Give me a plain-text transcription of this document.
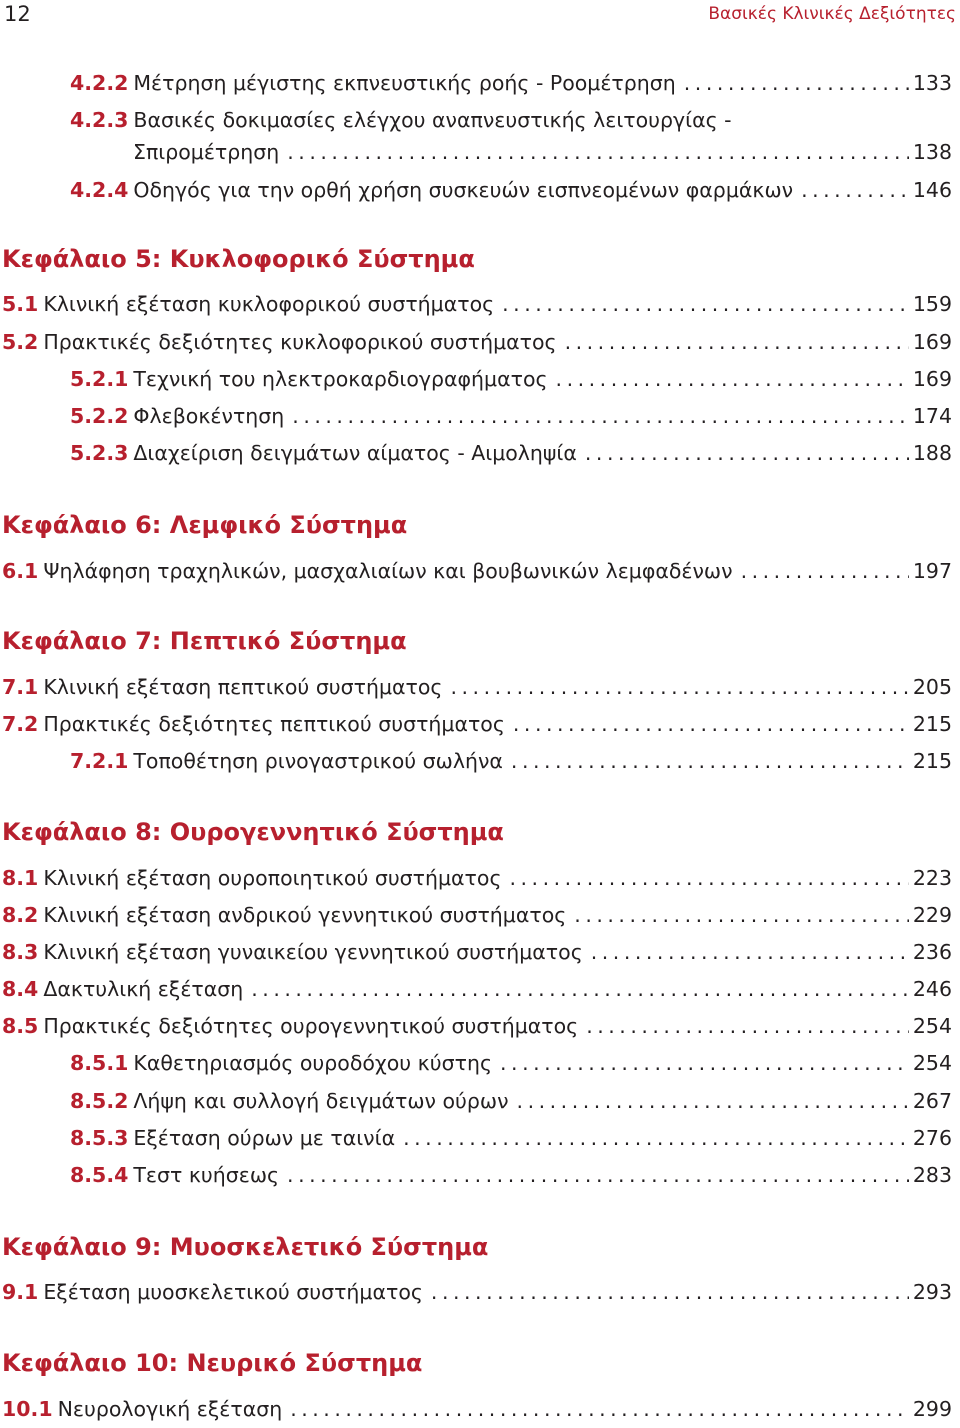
12	Βασικές Κλινικές Δεξιότητες
4.2.2 Μέτρηση μέγιστης εκπνευστικής ροής - Ροομέτρηση . . .	133
4.2.3 Βασικές δοκιμασίες ελέγχου αναπνευστικής λειτουργίας -
Σπιρομέτρηση . . .	138
4.2.4 Οδηγός για την ορθή χρήση συσκευών εισπνεομένων φαρμάκων . . .	146
Κεφάλαιο 5: Κυκλοφορικό Σύστημα
5.1 Κλινική εξέταση κυκλοφορικού συστήματος . . .	159
5.2 Πρακτικές δεξιότητες κυκλοφορικού συστήματος . . .	169
5.2.1 Τεχνική του ηλεκτροκαρδιογραφήματος . . .	169
5.2.2 Φλεβοκέντηση . . .	174
5.2.3 Διαχείριση δειγμάτων αίματος - Αιμοληψία . . .	188
Κεφάλαιο 6: Λεμφικό Σύστημα
6.1 Ψηλάφηση τραχηλικών, μασχαλιαίων και βουβωνικών λεμφαδένων . . .	197
Κεφάλαιο 7: Πεπτικό Σύστημα
7.1 Κλινική εξέταση πεπτικού συστήματος . . .	205
7.2 Πρακτικές δεξιότητες πεπτικού συστήματος . . .	215
7.2.1 Τοποθέτηση ρινογαστρικού σωλήνα . . .	215
Κεφάλαιο 8: Ουρογεννητικό Σύστημα
8.1 Κλινική εξέταση ουροποιητικού συστήματος . . .	223
8.2 Κλινική εξέταση ανδρικού γεννητικού συστήματος . . .	229
8.3 Κλινική εξέταση γυναικείου γεννητικού συστήματος . . .	236
8.4 Δακτυλική εξέταση . . .	246
8.5 Πρακτικές δεξιότητες ουρογεννητικού συστήματος . . .	254
8.5.1 Καθετηριασμός ουροδόχου κύστης . . .	254
8.5.2 Λήψη και συλλογή δειγμάτων ούρων . . .	267
8.5.3 Εξέταση ούρων με ταινία . . .	276
8.5.4 Τεστ κυήσεως . . .	283
Κεφάλαιο 9: Μυοσκελετικό Σύστημα
9.1 Εξέταση μυοσκελετικού συστήματος . . .	293
Κεφάλαιο 10: Νευρικό Σύστημα
10.1 Νευρολογική εξέταση . . .	299
